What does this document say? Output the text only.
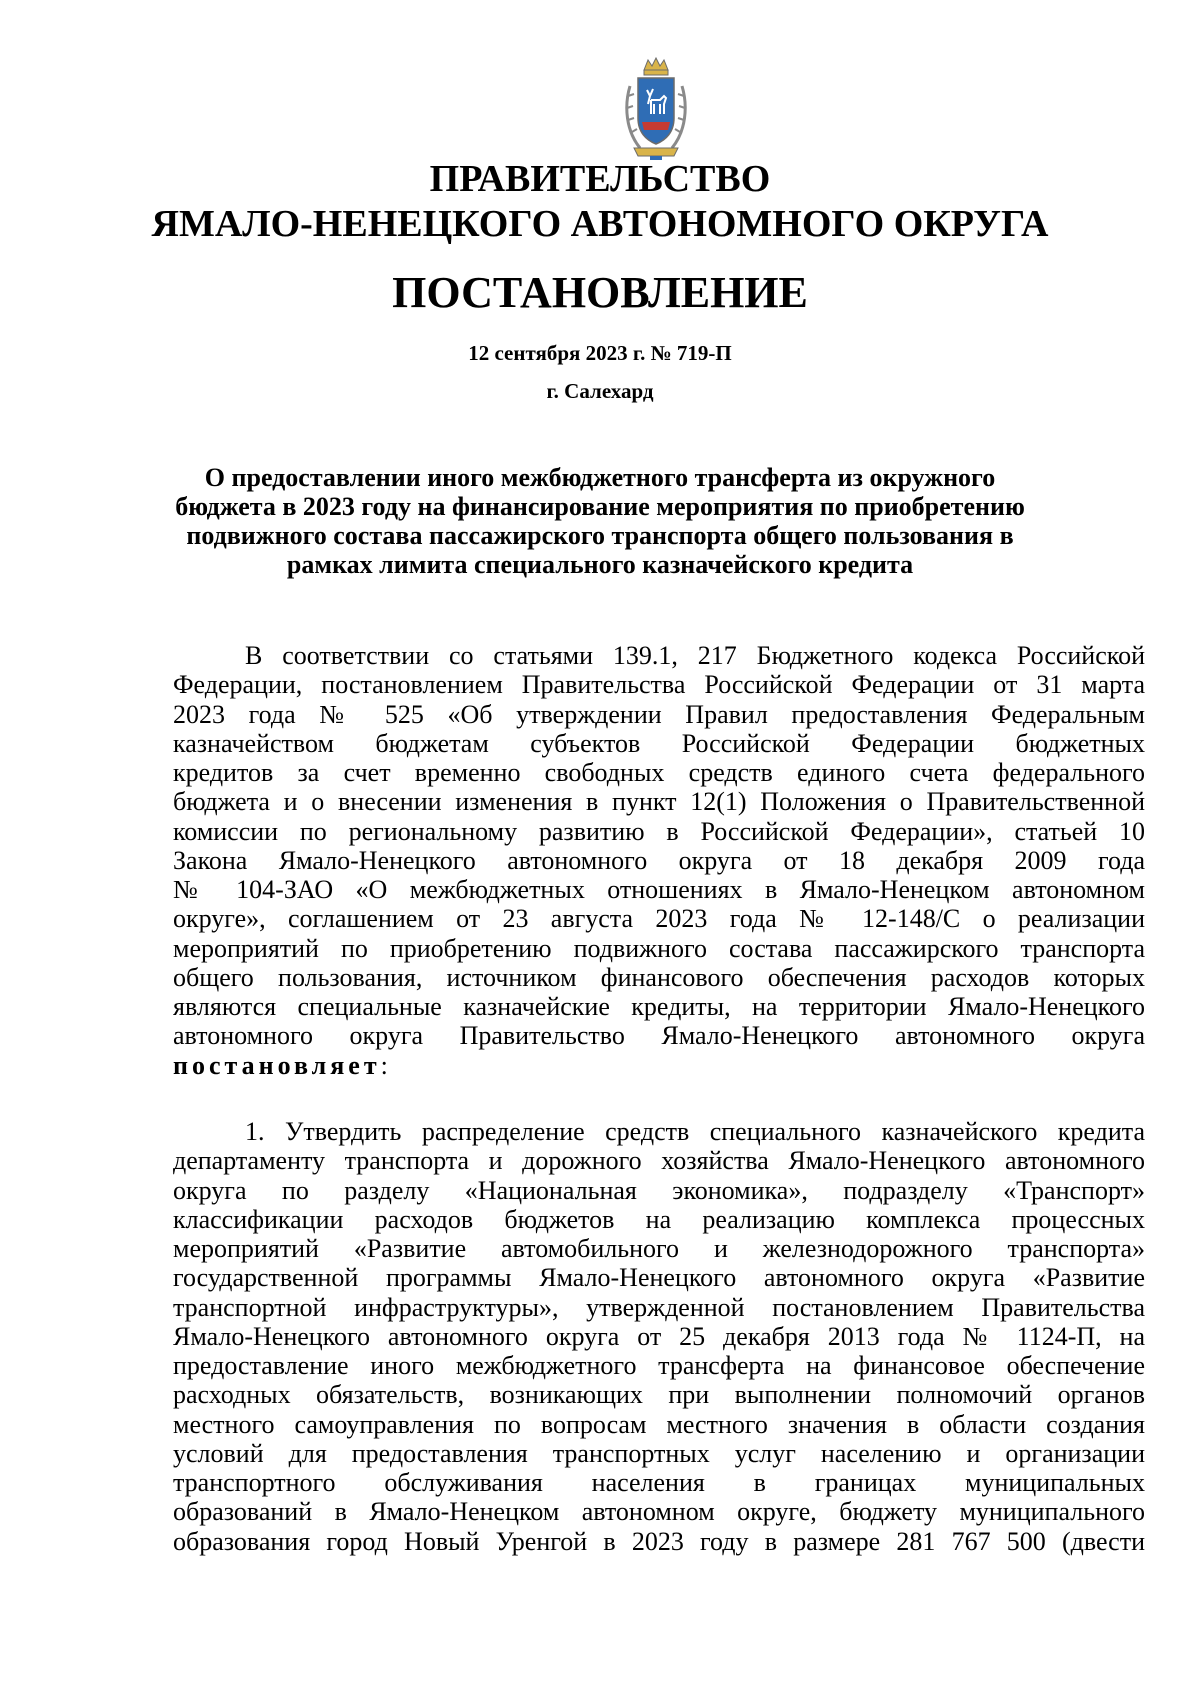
ПРАВИТЕЛЬСТВО
ЯМАЛО-НЕНЕЦКОГО АВТОНОМНОГО ОКРУГА
ПОСТАНОВЛЕНИЕ
12 сентября 2023 г. № 719-П
г. Салехард
О предоставлении иного межбюджетного трансферта из окружного
бюджета в 2023 году на финансирование мероприятия по приобретению
подвижного состава пассажирского транспорта общего пользования в
рамках лимита специального казначейского кредита
В соответствии со статьями 139.1, 217 Бюджетного кодекса Российской
Федерации, постановлением Правительства Российской Федерации от 31 марта
2023 года № 525 «Об утверждении Правил предоставления Федеральным
казначейством бюджетам субъектов Российской Федерации бюджетных
кредитов за счет временно свободных средств единого счета федерального
бюджета и о внесении изменения в пункт 12(1) Положения о Правительственной
комиссии по региональному развитию в Российской Федерации», статьей 10
Закона Ямало-Ненецкого автономного округа от 18 декабря 2009 года
№ 104-ЗАО «О межбюджетных отношениях в Ямало-Ненецком автономном
округе», соглашением от 23 августа 2023 года № 12-148/С о реализации
мероприятий по приобретению подвижного состава пассажирского транспорта
общего пользования, источником финансового обеспечения расходов которых
являются специальные казначейские кредиты, на территории Ямало-Ненецкого
автономного округа Правительство Ямало-Ненецкого автономного округа
постановляет:
1. Утвердить распределение средств специального казначейского кредита
департаменту транспорта и дорожного хозяйства Ямало-Ненецкого автономного
округа по разделу «Национальная экономика», подразделу «Транспорт»
классификации расходов бюджетов на реализацию комплекса процессных
мероприятий «Развитие автомобильного и железнодорожного транспорта»
государственной программы Ямало-Ненецкого автономного округа «Развитие
транспортной инфраструктуры», утвержденной постановлением Правительства
Ямало-Ненецкого автономного округа от 25 декабря 2013 года № 1124-П, на
предоставление иного межбюджетного трансферта на финансовое обеспечение
расходных обязательств, возникающих при выполнении полномочий органов
местного самоуправления по вопросам местного значения в области создания
условий для предоставления транспортных услуг населению и организации
транспортного обслуживания населения в границах муниципальных
образований в Ямало-Ненецком автономном округе, бюджету муниципального
образования город Новый Уренгой в 2023 году в размере 281 767 500 (двести
